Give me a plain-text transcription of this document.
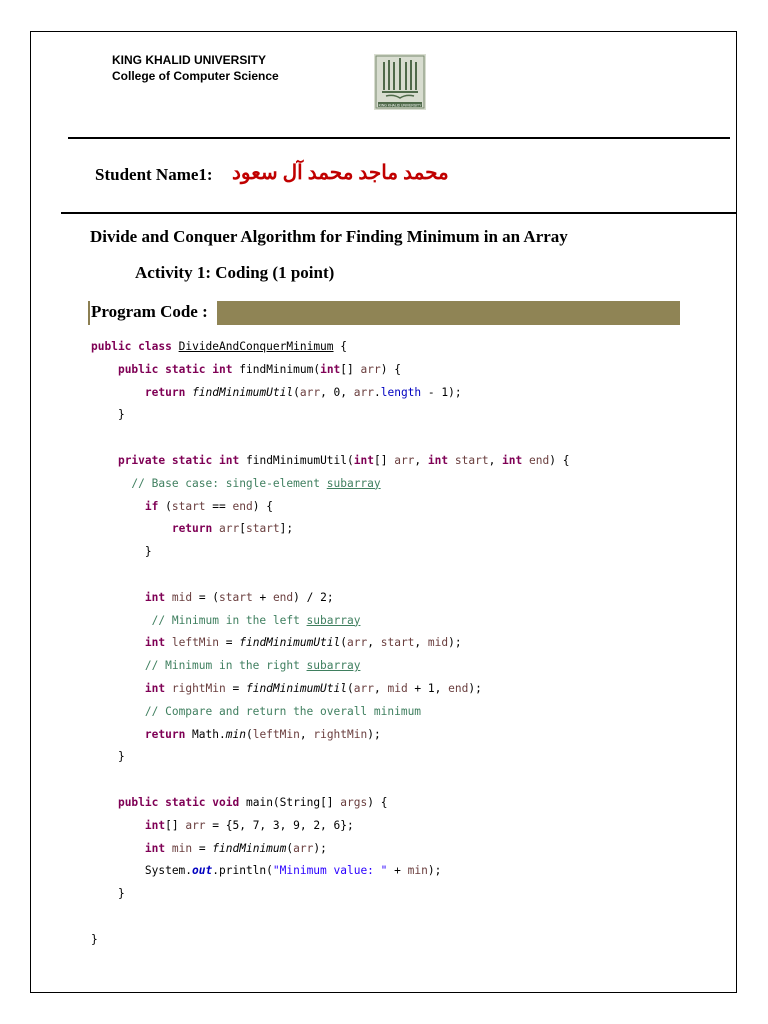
KING KHALID UNIVERSITY
College of Computer Science
KING KHALID UNIVERSITY
Student Name1: محمد ماجد محمد آل سعود
Divide and Conquer Algorithm for Finding Minimum in an Array
Activity 1: Coding (1 point)
Program Code :
public class DivideAndConquerMinimum {
public static int findMinimum(int[] arr) {
return findMinimumUtil(arr, 0, arr.length - 1);
}
private static int findMinimumUtil(int[] arr, int start, int end) {
// Base case: single-element subarray
if (start == end) {
return arr[start];
}
int mid = (start + end) / 2;
// Minimum in the left subarray
int leftMin = findMinimumUtil(arr, start, mid);
// Minimum in the right subarray
int rightMin = findMinimumUtil(arr, mid + 1, end);
// Compare and return the overall minimum
return Math.min(leftMin, rightMin);
}
public static void main(String[] args) {
int[] arr = {5, 7, 3, 9, 2, 6};
int min = findMinimum(arr);
System.out.println("Minimum value: " + min);
}
}
